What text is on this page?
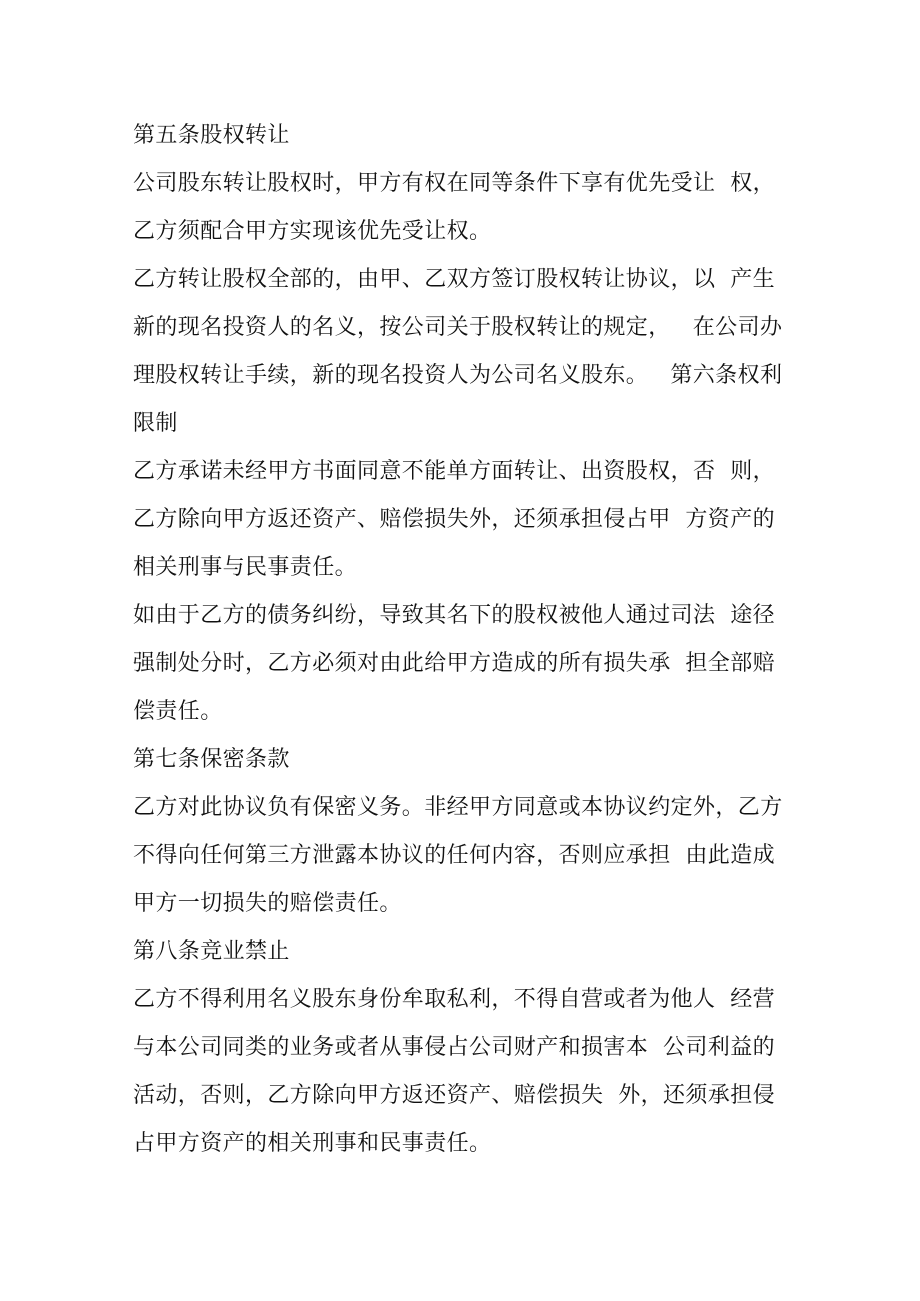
第五条股权转让
公司股东转让股权时，甲方有权在同等条件下享有优先受让  权，
乙方须配合甲方实现该优先受让权。
乙方转让股权全部的，由甲、乙双方签订股权转让协议，以  产生
新的现名投资人的名义，按公司关于股权转让的规定，   在公司办
理股权转让手续，新的现名投资人为公司名义股东。   第六条权利
限制
乙方承诺未经甲方书面同意不能单方面转让、出资股权，否  则，
乙方除向甲方返还资产、赔偿损失外，还须承担侵占甲  方资产的
相关刑事与民事责任。
如由于乙方的债务纠纷，导致其名下的股权被他人通过司法  途径
强制处分时，乙方必须对由此给甲方造成的所有损失承  担全部赔
偿责任。
第七条保密条款
乙方对此协议负有保密义务。非经甲方同意或本协议约定外，乙方
不得向任何第三方泄露本协议的任何内容，否则应承担  由此造成
甲方一切损失的赔偿责任。
第八条竞业禁止
乙方不得利用名义股东身份牟取私利，不得自营或者为他人  经营
与本公司同类的业务或者从事侵占公司财产和损害本  公司利益的
活动，否则，乙方除向甲方返还资产、赔偿损失  外，还须承担侵
占甲方资产的相关刑事和民事责任。
